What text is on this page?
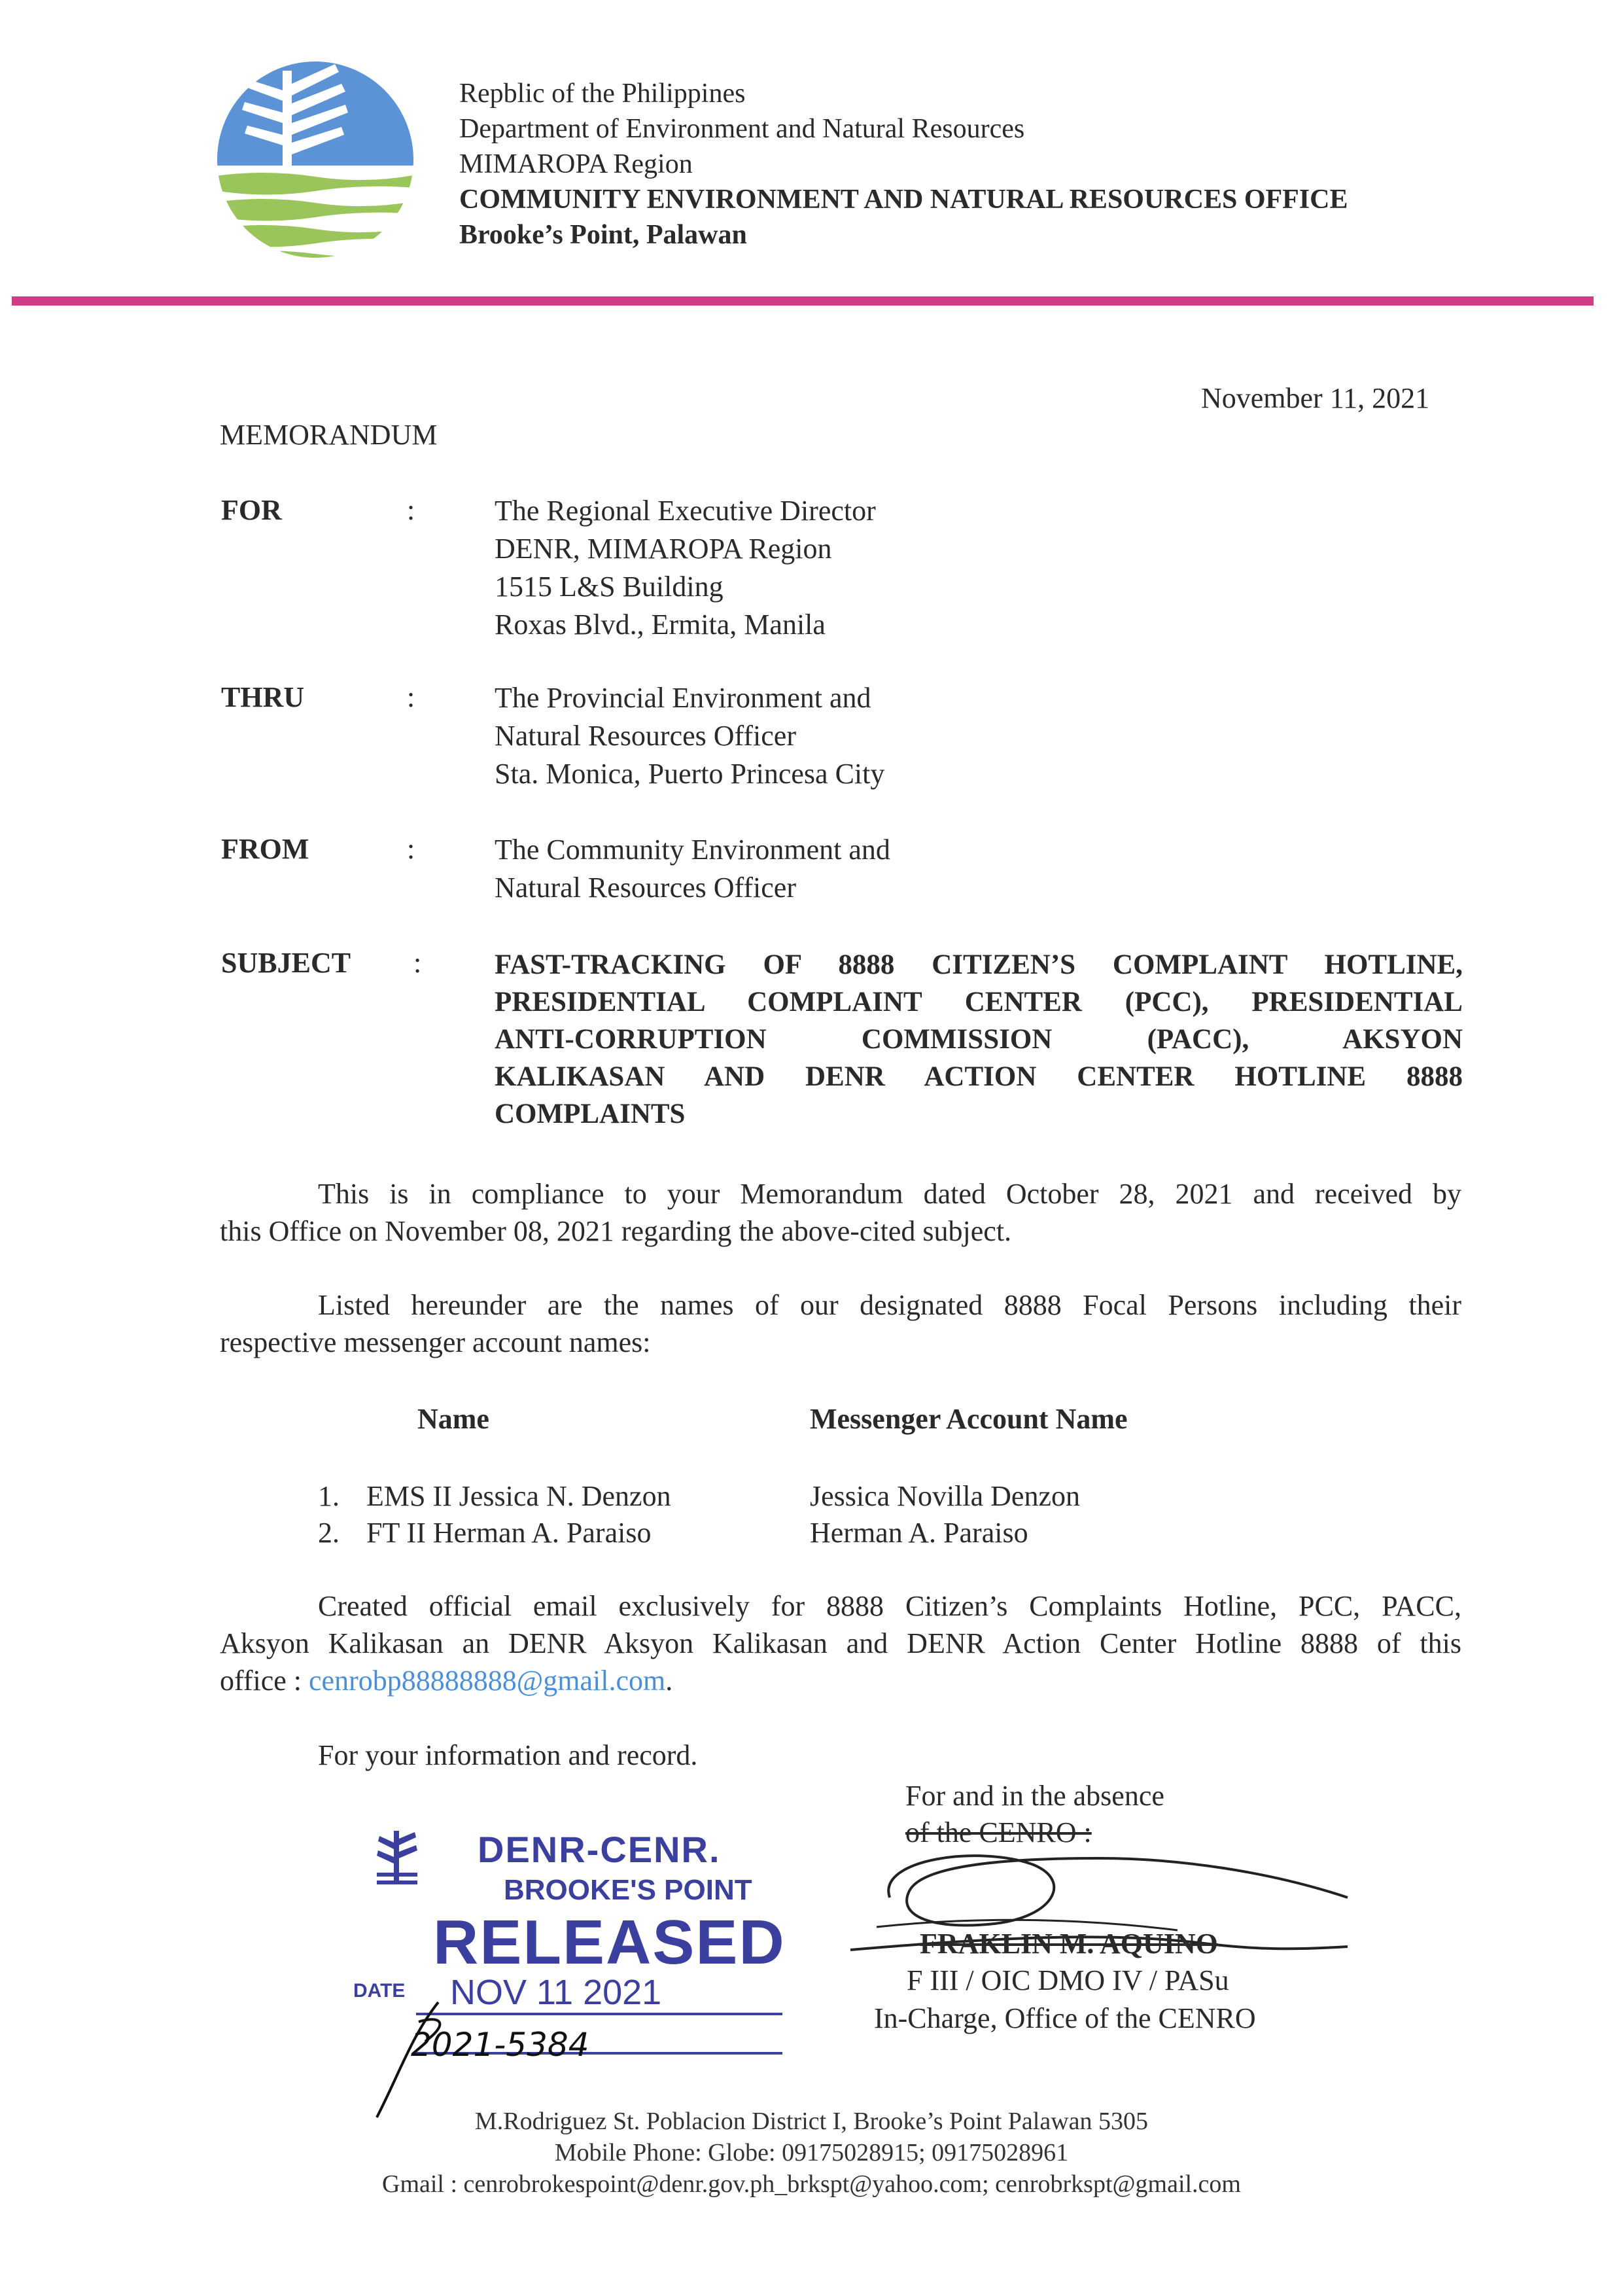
Repblic of the Philippines
Department of Environment and Natural Resources
MIMAROPA Region
COMMUNITY ENVIRONMENT AND NATURAL RESOURCES OFFICE
Brooke’s Point, Palawan
November 11, 2021
MEMORANDUM
FOR	:	The Regional Executive Director
DENR, MIMAROPA Region
1515 L&S Building
Roxas Blvd., Ermita, Manila
THRU	:	The Provincial Environment and
Natural Resources Officer
Sta. Monica, Puerto Princesa City
FROM	:	The Community Environment and
Natural Resources Officer
SUBJECT :	FAST-TRACKING OF 8888 CITIZEN’S COMPLAINT HOTLINE,
PRESIDENTIAL COMPLAINT CENTER (PCC), PRESIDENTIAL
ANTI-CORRUPTION COMMISSION (PACC), AKSYON
KALIKASAN AND DENR ACTION CENTER HOTLINE 8888
COMPLAINTS
This is in compliance to your Memorandum dated October 28, 2021 and received by
this Office on November 08, 2021 regarding the above-cited subject.
Listed hereunder are the names of our designated 8888 Focal Persons including their
respective messenger account names:
Name	Messenger Account Name
1. EMS II Jessica N. Denzon	Jessica Novilla Denzon
2. FT II Herman A. Paraiso	Herman A. Paraiso
Created official email exclusively for 8888 Citizen’s Complaints Hotline, PCC, PACC,
Aksyon Kalikasan an DENR Aksyon Kalikasan and DENR Action Center Hotline 8888 of this
office : cenrobp88888888@gmail.com.
For your information and record.
For and in the absence
of the CENRO :
FRAKLIN M. AQUINO
F III / OIC DMO IV / PASu
In-Charge, Office of the CENRO
DENR-CENR.
BROOKE'S POINT
RELEASED
DATE NOV 11 2021
2021-5384
M.Rodriguez St. Poblacion District I, Brooke’s Point Palawan 5305
Mobile Phone: Globe: 09175028915; 09175028961
Gmail : cenrobrokespoint@denr.gov.ph_brkspt@yahoo.com; cenrobrkspt@gmail.com
